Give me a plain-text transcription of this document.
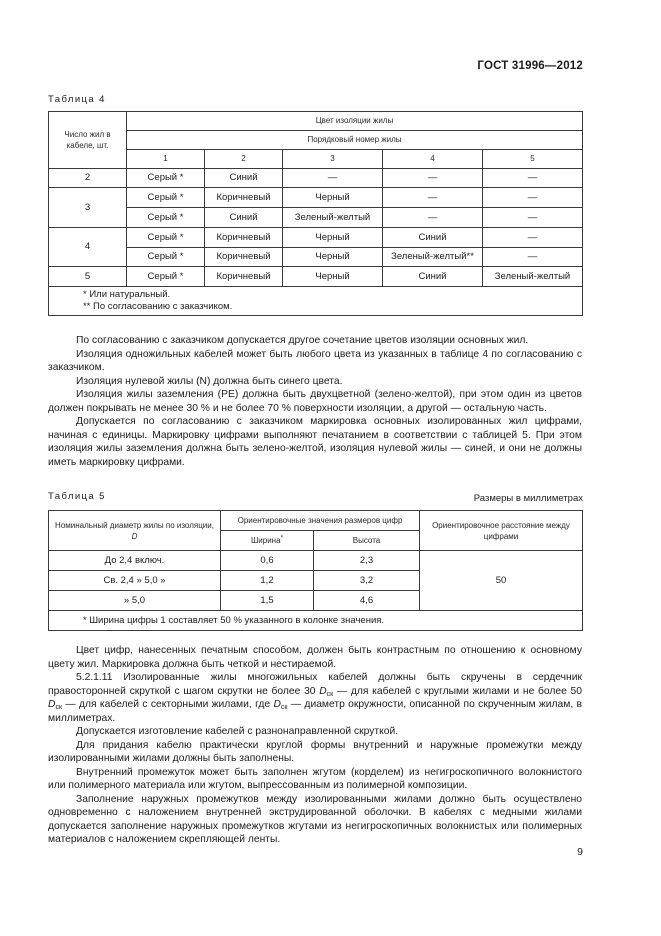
ГОСТ 31996—2012
Таблица 4
Число жил в кабеле, шт.	Цвет изоляции жилы				
	Порядковый номер жилы				
	1	2	3	4	5
2	Серый *	Синий	—	—	—
3	Серый *	Коричневый	Черный	—	—
	Серый *	Синий	Зеленый-желтый	—	—
4	Серый *	Коричневый	Черный	Синий	—
	Серый *	Коричневый	Черный	Зеленый-желтый**	—
5	Серый *	Коричневый	Черный	Синий	Зеленый-желтый

* Или натуральный.
** По согласованию с заказчиком.					

По согласованию с заказчиком допускается другое сочетание цветов изоляции основных жил.

Изоляция одножильных кабелей может быть любого цвета из указанных в таблице 4 по согласованию с заказчиком.

Изоляция нулевой жилы (N) должна быть синего цвета.

Изоляция жилы заземления (РЕ) должна быть двухцветной (зелено-желтой), при этом один из цветов должен покрывать не менее 30 % и не более 70 % поверхности изоляции, а другой — остальную часть.

Допускается по согласованию с заказчиком маркировка основных изолированных жил цифрами, начиная с единицы. Маркировку цифрами выполняют печатанием в соответствии с таблицей 5. При этом изоляция жилы заземления должна быть зелено-желтой, изоляция нулевой жилы — синей, и они не должны иметь маркировку цифрами.

Таблица 5	Размеры в миллиметрах
Номинальный диаметр жилы по изоляции, D	Ориентировочные значения размеров цифр		Ориентировочное расстояние между цифрами
	Ширина*	Высота	
До 2,4 включ.	0,6	2,3	50
Св. 2,4 » 5,0 »	1,2	3,2	
» 5,0	1,5	4,6	
* Ширина цифры 1 составляет 50 % указанного в колонке значения.			

Цвет цифр, нанесенных печатным способом, должен быть контрастным по отношению к основному цвету жил. Маркировка должна быть четкой и нестираемой.

5.2.1.11 Изолированные жилы многожильных кабелей должны быть скручены в сердечник правосторонней скруткой с шагом скрутки не более 30 $D_{ск}$ — для кабелей с круглыми жилами и не более 50 $D_{ск}$ — для кабелей с секторными жилами, где $D_{ск}$ — диаметр окружности, описанной по скрученным жилам, в миллиметрах.

Допускается изготовление кабелей с разнонаправленной скруткой.

Для придания кабелю практически круглой формы внутренний и наружные промежутки между изолированными жилами должны быть заполнены.

Внутренний промежуток может быть заполнен жгутом (корделем) из негигроскопичного волокнистого или полимерного материала или жгутом, выпрессованным из полимерной композиции.

Заполнение наружных промежутков между изолированными жилами должно быть осуществлено одновременно с наложением внутренней экструдированной оболочки. В кабелях с медными жилами допускается заполнение наружных промежутков жгутами из негигроскопичных волокнистых или полимерных материалов с наложением скрепляющей ленты.

9
